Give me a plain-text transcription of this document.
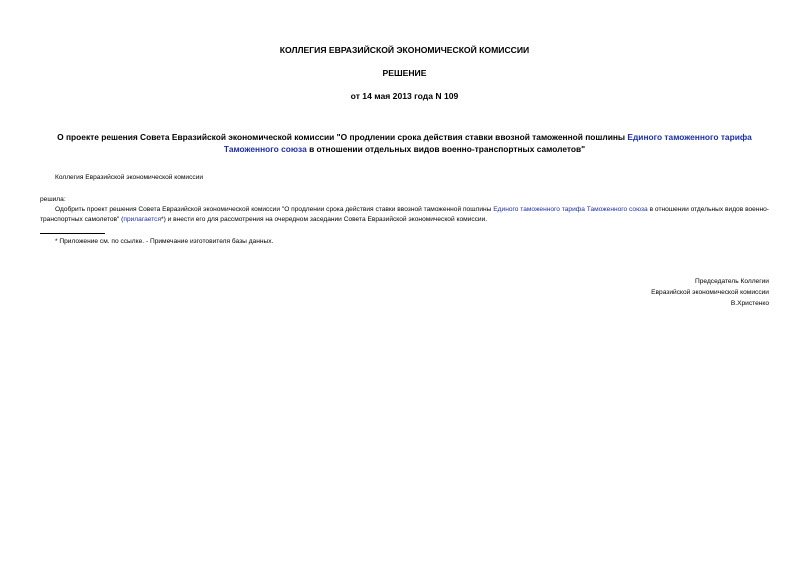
КОЛЛЕГИЯ ЕВРАЗИЙСКОЙ ЭКОНОМИЧЕСКОЙ КОМИССИИ
РЕШЕНИЕ
от 14 мая 2013 года N 109
О проекте решения Совета Евразийской экономической комиссии "О продлении срока действия ставки ввозной таможенной пошлины Единого таможенного тарифа Таможенного союза в отношении отдельных видов военно-транспортных самолетов"
Коллегия Евразийской экономической комиссии
решила:
Одобрить проект решения Совета Евразийской экономической комиссии "О продлении срока действия ставки ввозной таможенной пошлины Единого таможенного тарифа Таможенного союза в отношении отдельных видов военно-транспортных самолетов" (прилагается*) и внести его для рассмотрения на очередном заседании Совета Евразийской экономической комиссии.
* Приложение см. по ссылке. - Примечание изготовителя базы данных.
Председатель Коллегии
Евразийской экономической комиссии
В.Христенко
